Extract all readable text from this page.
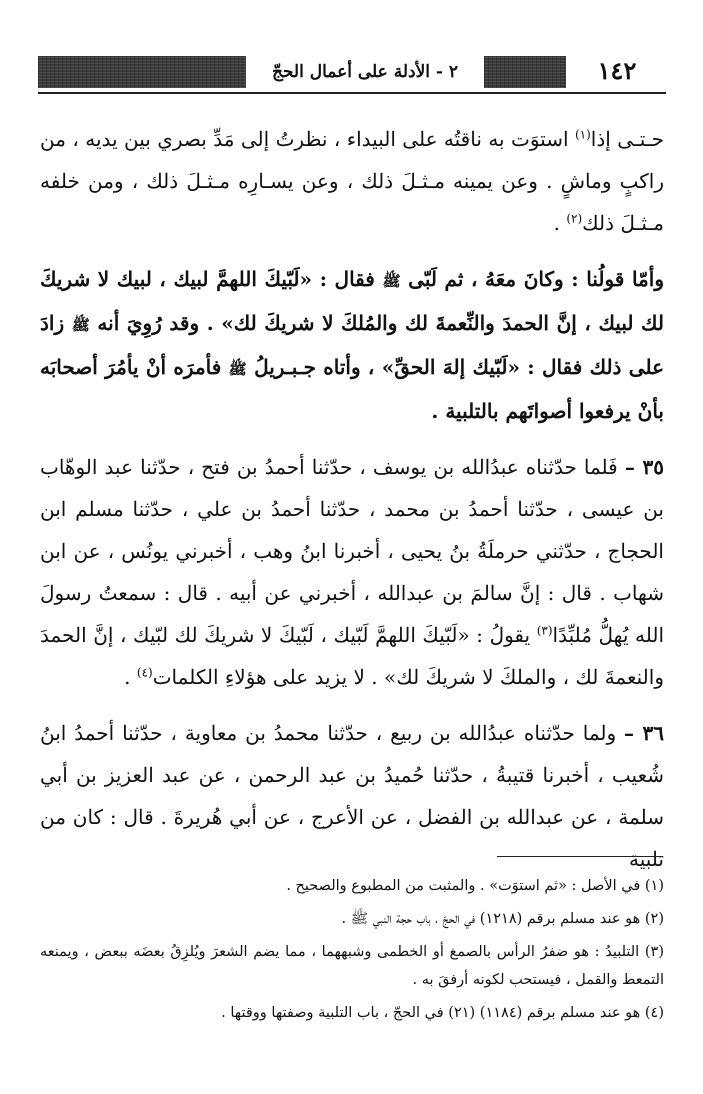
١٤٢
٢ - الأدلة على أعمال الحجّ

حـتـى إذا$^{(١)}$ استوَت به ناقتُه على البيداء ، نظرتُ إلى مَدِّ بصري بين يديه ، من راكبٍ وماشٍ . وعن يمينه مـثـلَ ذلك ، وعن يسـارِه مـثـلَ ذلك ، ومن خلفه مـثـلَ ذلك$^{(٢)}$ .

وأمّا قولُنا : وكانَ معَهُ ، ثم لَبّى ﷺ فقال : «لَبّيكَ اللهمَّ لبيك ، لبيك لا شريكَ لك لبيك ، إنَّ الحمدَ والنِّعمةَ لك والمُلكَ لا شريكَ لك» . وقد رُوِيَ أنه ﷺ زادَ على ذلك فقال : «لَبّيك إلهَ الحقِّ» ، وأتاه جـبـريلُ ﷺ فأمرَه أنْ يأمُرَ أصحابَه بأنْ يرفعوا أصواتَهم بالتلبية .

٣٥ – فَلما حدّثناه عبدُالله بن يوسف ، حدّثنا أحمدُ بن فتح ، حدّثنا عبد الوهّاب بن عيسى ، حدّثنا أحمدُ بن محمد ، حدّثنا أحمدُ بن علي ، حدّثنا مسلم ابن الحجاج ، حدّثني حرملَةُ بنُ يحيى ، أخبرنا ابنُ وهب ، أخبرني يونُس ، عن ابن شهاب . قال : إنَّ سالمَ بن عبدالله ، أخبرني عن أبيه . قال : سمعتُ رسولَ الله يُهلُّ مُلبِّدًا$^{(٣)}$ يقولُ : «لَبّيكَ اللهمَّ لَبّيك ، لَبّيكَ لا شريكَ لك لبّيك ، إنَّ الحمدَ والنعمةَ لك ، والملكَ لا شريكَ لك» . لا يزيد على هؤلاءِ الكلمات$^{(٤)}$ .

٣٦ – ولما حدّثناه عبدُالله بن ربيع ، حدّثنا محمدُ بن معاوية ، حدّثنا أحمدُ ابنُ شُعيب ، أخبرنا قتيبةُ ، حدّثنا حُميدُ بن عبد الرحمن ، عن عبد العزيز بن أبي سلمة ، عن عبدالله بن الفضل ، عن الأعرج ، عن أبي هُريرةَ . قال : كان من تلبية

(١) في الأصل : «ثم استوَت» . والمثبت من المطبوع والصحيح .
(٢) هو عند مسلم برقم (١٢١٨) في الحجّ ، باب حجة النبي ﷺ .
(٣) التلبيدُ : هو ضفرُ الرأس بالصمغ أو الخطمى وشبههما ، مما يضم الشعرَ ويُلزِقُ بعضَه ببعض ، ويمنعه التمعط والقمل ، فيستحب لكونه أرفقَ به .
(٤) هو عند مسلم برقم (١١٨٤) (٢١) في الحجّ ، باب التلبية وصفتها ووقتها .
